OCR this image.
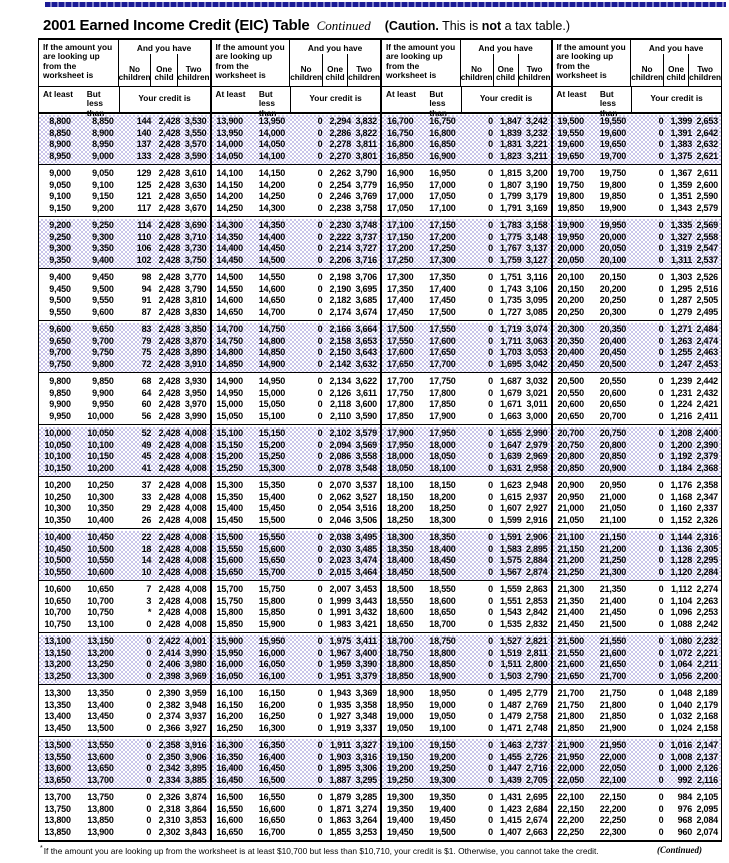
2001 Earned Income Credit (EIC) Table Continued (Caution. This is not a tax table.)
If the amount you are looking up from the worksheet is
And you have
No children
One child
Two children
At least	But less than
Your credit is
8,800	8,850	144 2,428 3,530
8,850	8,900	140 2,428 3,550
8,900	8,950	137 2,428 3,570
8,950	9,000	133 2,428 3,590
9,000	9,050	129 2,428 3,610
9,050	9,100	125 2,428 3,630
9,100	9,150	121 2,428 3,650
9,150	9,200	117 2,428 3,670
9,200	9,250	114 2,428 3,690
9,250	9,300	110 2,428 3,710
9,300	9,350	106 2,428 3,730
9,350	9,400	102 2,428 3,750
9,400	9,450	98 2,428 3,770
9,450	9,500	94 2,428 3,790
9,500	9,550	91 2,428 3,810
9,550	9,600	87 2,428 3,830
9,600	9,650	83 2,428 3,850
9,650	9,700	79 2,428 3,870
9,700	9,750	75 2,428 3,890
9,750	9,800	72 2,428 3,910
9,800	9,850	68 2,428 3,930
9,850	9,900	64 2,428 3,950
9,900	9,950	60 2,428 3,970
9,950	10,000	56 2,428 3,990
10,000	10,050	52 2,428 4,008
10,050	10,100	49 2,428 4,008
10,100	10,150	45 2,428 4,008
10,150	10,200	41 2,428 4,008
10,200	10,250	37 2,428 4,008
10,250	10,300	33 2,428 4,008
10,300	10,350	29 2,428 4,008
10,350	10,400	26 2,428 4,008
10,400	10,450	22 2,428 4,008
10,450	10,500	18 2,428 4,008
10,500	10,550	14 2,428 4,008
10,550	10,600	10 2,428 4,008
10,600	10,650	7 2,428 4,008
10,650	10,700	3 2,428 4,008
10,700	10,750	* 2,428 4,008
10,750	13,100	0 2,428 4,008
13,100	13,150	0 2,422 4,001
13,150	13,200	0 2,414 3,990
13,200	13,250	0 2,406 3,980
13,250	13,300	0 2,398 3,969
13,300	13,350	0 2,390 3,959
13,350	13,400	0 2,382 3,948
13,400	13,450	0 2,374 3,937
13,450	13,500	0 2,366 3,927
13,500	13,550	0 2,358 3,916
13,550	13,600	0 2,350 3,906
13,600	13,650	0 2,342 3,895
13,650	13,700	0 2,334 3,885
13,700	13,750	0 2,326 3,874
13,750	13,800	0 2,318 3,864
13,800	13,850	0 2,310 3,853
13,850	13,900	0 2,302 3,843
If the amount you are looking up from the worksheet is
And you have
No children
One child
Two children
At least	But less than
Your credit is
13,900	13,950	0 2,294 3,832
13,950	14,000	0 2,286 3,822
14,000	14,050	0 2,278 3,811
14,050	14,100	0 2,270 3,801
14,100	14,150	0 2,262 3,790
14,150	14,200	0 2,254 3,779
14,200	14,250	0 2,246 3,769
14,250	14,300	0 2,238 3,758
14,300	14,350	0 2,230 3,748
14,350	14,400	0 2,222 3,737
14,400	14,450	0 2,214 3,727
14,450	14,500	0 2,206 3,716
14,500	14,550	0 2,198 3,706
14,550	14,600	0 2,190 3,695
14,600	14,650	0 2,182 3,685
14,650	14,700	0 2,174 3,674
14,700	14,750	0 2,166 3,664
14,750	14,800	0 2,158 3,653
14,800	14,850	0 2,150 3,643
14,850	14,900	0 2,142 3,632
14,900	14,950	0 2,134 3,622
14,950	15,000	0 2,126 3,611
15,000	15,050	0 2,118 3,600
15,050	15,100	0 2,110 3,590
15,100	15,150	0 2,102 3,579
15,150	15,200	0 2,094 3,569
15,200	15,250	0 2,086 3,558
15,250	15,300	0 2,078 3,548
15,300	15,350	0 2,070 3,537
15,350	15,400	0 2,062 3,527
15,400	15,450	0 2,054 3,516
15,450	15,500	0 2,046 3,506
15,500	15,550	0 2,038 3,495
15,550	15,600	0 2,030 3,485
15,600	15,650	0 2,023 3,474
15,650	15,700	0 2,015 3,464
15,700	15,750	0 2,007 3,453
15,750	15,800	0 1,999 3,443
15,800	15,850	0 1,991 3,432
15,850	15,900	0 1,983 3,421
15,900	15,950	0 1,975 3,411
15,950	16,000	0 1,967 3,400
16,000	16,050	0 1,959 3,390
16,050	16,100	0 1,951 3,379
16,100	16,150	0 1,943 3,369
16,150	16,200	0 1,935 3,358
16,200	16,250	0 1,927 3,348
16,250	16,300	0 1,919 3,337
16,300	16,350	0 1,911 3,327
16,350	16,400	0 1,903 3,316
16,400	16,450	0 1,895 3,306
16,450	16,500	0 1,887 3,295
16,500	16,550	0 1,879 3,285
16,550	16,600	0 1,871 3,274
16,600	16,650	0 1,863 3,264
16,650	16,700	0 1,855 3,253
If the amount you are looking up from the worksheet is
And you have
No children
One child
Two children
At least	But less than
Your credit is
16,700	16,750	0 1,847 3,242
16,750	16,800	0 1,839 3,232
16,800	16,850	0 1,831 3,221
16,850	16,900	0 1,823 3,211
16,900	16,950	0 1,815 3,200
16,950	17,000	0 1,807 3,190
17,000	17,050	0 1,799 3,179
17,050	17,100	0 1,791 3,169
17,100	17,150	0 1,783 3,158
17,150	17,200	0 1,775 3,148
17,200	17,250	0 1,767 3,137
17,250	17,300	0 1,759 3,127
17,300	17,350	0 1,751 3,116
17,350	17,400	0 1,743 3,106
17,400	17,450	0 1,735 3,095
17,450	17,500	0 1,727 3,085
17,500	17,550	0 1,719 3,074
17,550	17,600	0 1,711 3,063
17,600	17,650	0 1,703 3,053
17,650	17,700	0 1,695 3,042
17,700	17,750	0 1,687 3,032
17,750	17,800	0 1,679 3,021
17,800	17,850	0 1,671 3,011
17,850	17,900	0 1,663 3,000
17,900	17,950	0 1,655 2,990
17,950	18,000	0 1,647 2,979
18,000	18,050	0 1,639 2,969
18,050	18,100	0 1,631 2,958
18,100	18,150	0 1,623 2,948
18,150	18,200	0 1,615 2,937
18,200	18,250	0 1,607 2,927
18,250	18,300	0 1,599 2,916
18,300	18,350	0 1,591 2,906
18,350	18,400	0 1,583 2,895
18,400	18,450	0 1,575 2,884
18,450	18,500	0 1,567 2,874
18,500	18,550	0 1,559 2,863
18,550	18,600	0 1,551 2,853
18,600	18,650	0 1,543 2,842
18,650	18,700	0 1,535 2,832
18,700	18,750	0 1,527 2,821
18,750	18,800	0 1,519 2,811
18,800	18,850	0 1,511 2,800
18,850	18,900	0 1,503 2,790
18,900	18,950	0 1,495 2,779
18,950	19,000	0 1,487 2,769
19,000	19,050	0 1,479 2,758
19,050	19,100	0 1,471 2,748
19,100	19,150	0 1,463 2,737
19,150	19,200	0 1,455 2,726
19,200	19,250	0 1,447 2,716
19,250	19,300	0 1,439 2,705
19,300	19,350	0 1,431 2,695
19,350	19,400	0 1,423 2,684
19,400	19,450	0 1,415 2,674
19,450	19,500	0 1,407 2,663
If the amount you are looking up from the worksheet is
And you have
No children
One child
Two children
At least	But less than
Your credit is
19,500	19,550	0 1,399 2,653
19,550	19,600	0 1,391 2,642
19,600	19,650	0 1,383 2,632
19,650	19,700	0 1,375 2,621
19,700	19,750	0 1,367 2,611
19,750	19,800	0 1,359 2,600
19,800	19,850	0 1,351 2,590
19,850	19,900	0 1,343 2,579
19,900	19,950	0 1,335 2,569
19,950	20,000	0 1,327 2,558
20,000	20,050	0 1,319 2,547
20,050	20,100	0 1,311 2,537
20,100	20,150	0 1,303 2,526
20,150	20,200	0 1,295 2,516
20,200	20,250	0 1,287 2,505
20,250	20,300	0 1,279 2,495
20,300	20,350	0 1,271 2,484
20,350	20,400	0 1,263 2,474
20,400	20,450	0 1,255 2,463
20,450	20,500	0 1,247 2,453
20,500	20,550	0 1,239 2,442
20,550	20,600	0 1,231 2,432
20,600	20,650	0 1,224 2,421
20,650	20,700	0 1,216 2,411
20,700	20,750	0 1,208 2,400
20,750	20,800	0 1,200 2,390
20,800	20,850	0 1,192 2,379
20,850	20,900	0 1,184 2,368
20,900	20,950	0 1,176 2,358
20,950	21,000	0 1,168 2,347
21,000	21,050	0 1,160 2,337
21,050	21,100	0 1,152 2,326
21,100	21,150	0 1,144 2,316
21,150	21,200	0 1,136 2,305
21,200	21,250	0 1,128 2,295
21,250	21,300	0 1,120 2,284
21,300	21,350	0 1,112 2,274
21,350	21,400	0 1,104 2,263
21,400	21,450	0 1,096 2,253
21,450	21,500	0 1,088 2,242
21,500	21,550	0 1,080 2,232
21,550	21,600	0 1,072 2,221
21,600	21,650	0 1,064 2,211
21,650	21,700	0 1,056 2,200
21,700	21,750	0 1,048 2,189
21,750	21,800	0 1,040 2,179
21,800	21,850	0 1,032 2,168
21,850	21,900	0 1,024 2,158
21,900	21,950	0 1,016 2,147
21,950	22,000	0 1,008 2,137
22,000	22,050	0 1,000 2,126
22,050	22,100	0	992 2,116
22,100	22,150	0	984 2,105
22,150	22,200	0	976 2,095
22,200	22,250	0	968 2,084
22,250	22,300	0	960 2,074
*If the amount you are looking up from the worksheet is at least $10,700 but less than $10,710, your credit is $1. Otherwise, you cannot take the credit.	(Continued)
